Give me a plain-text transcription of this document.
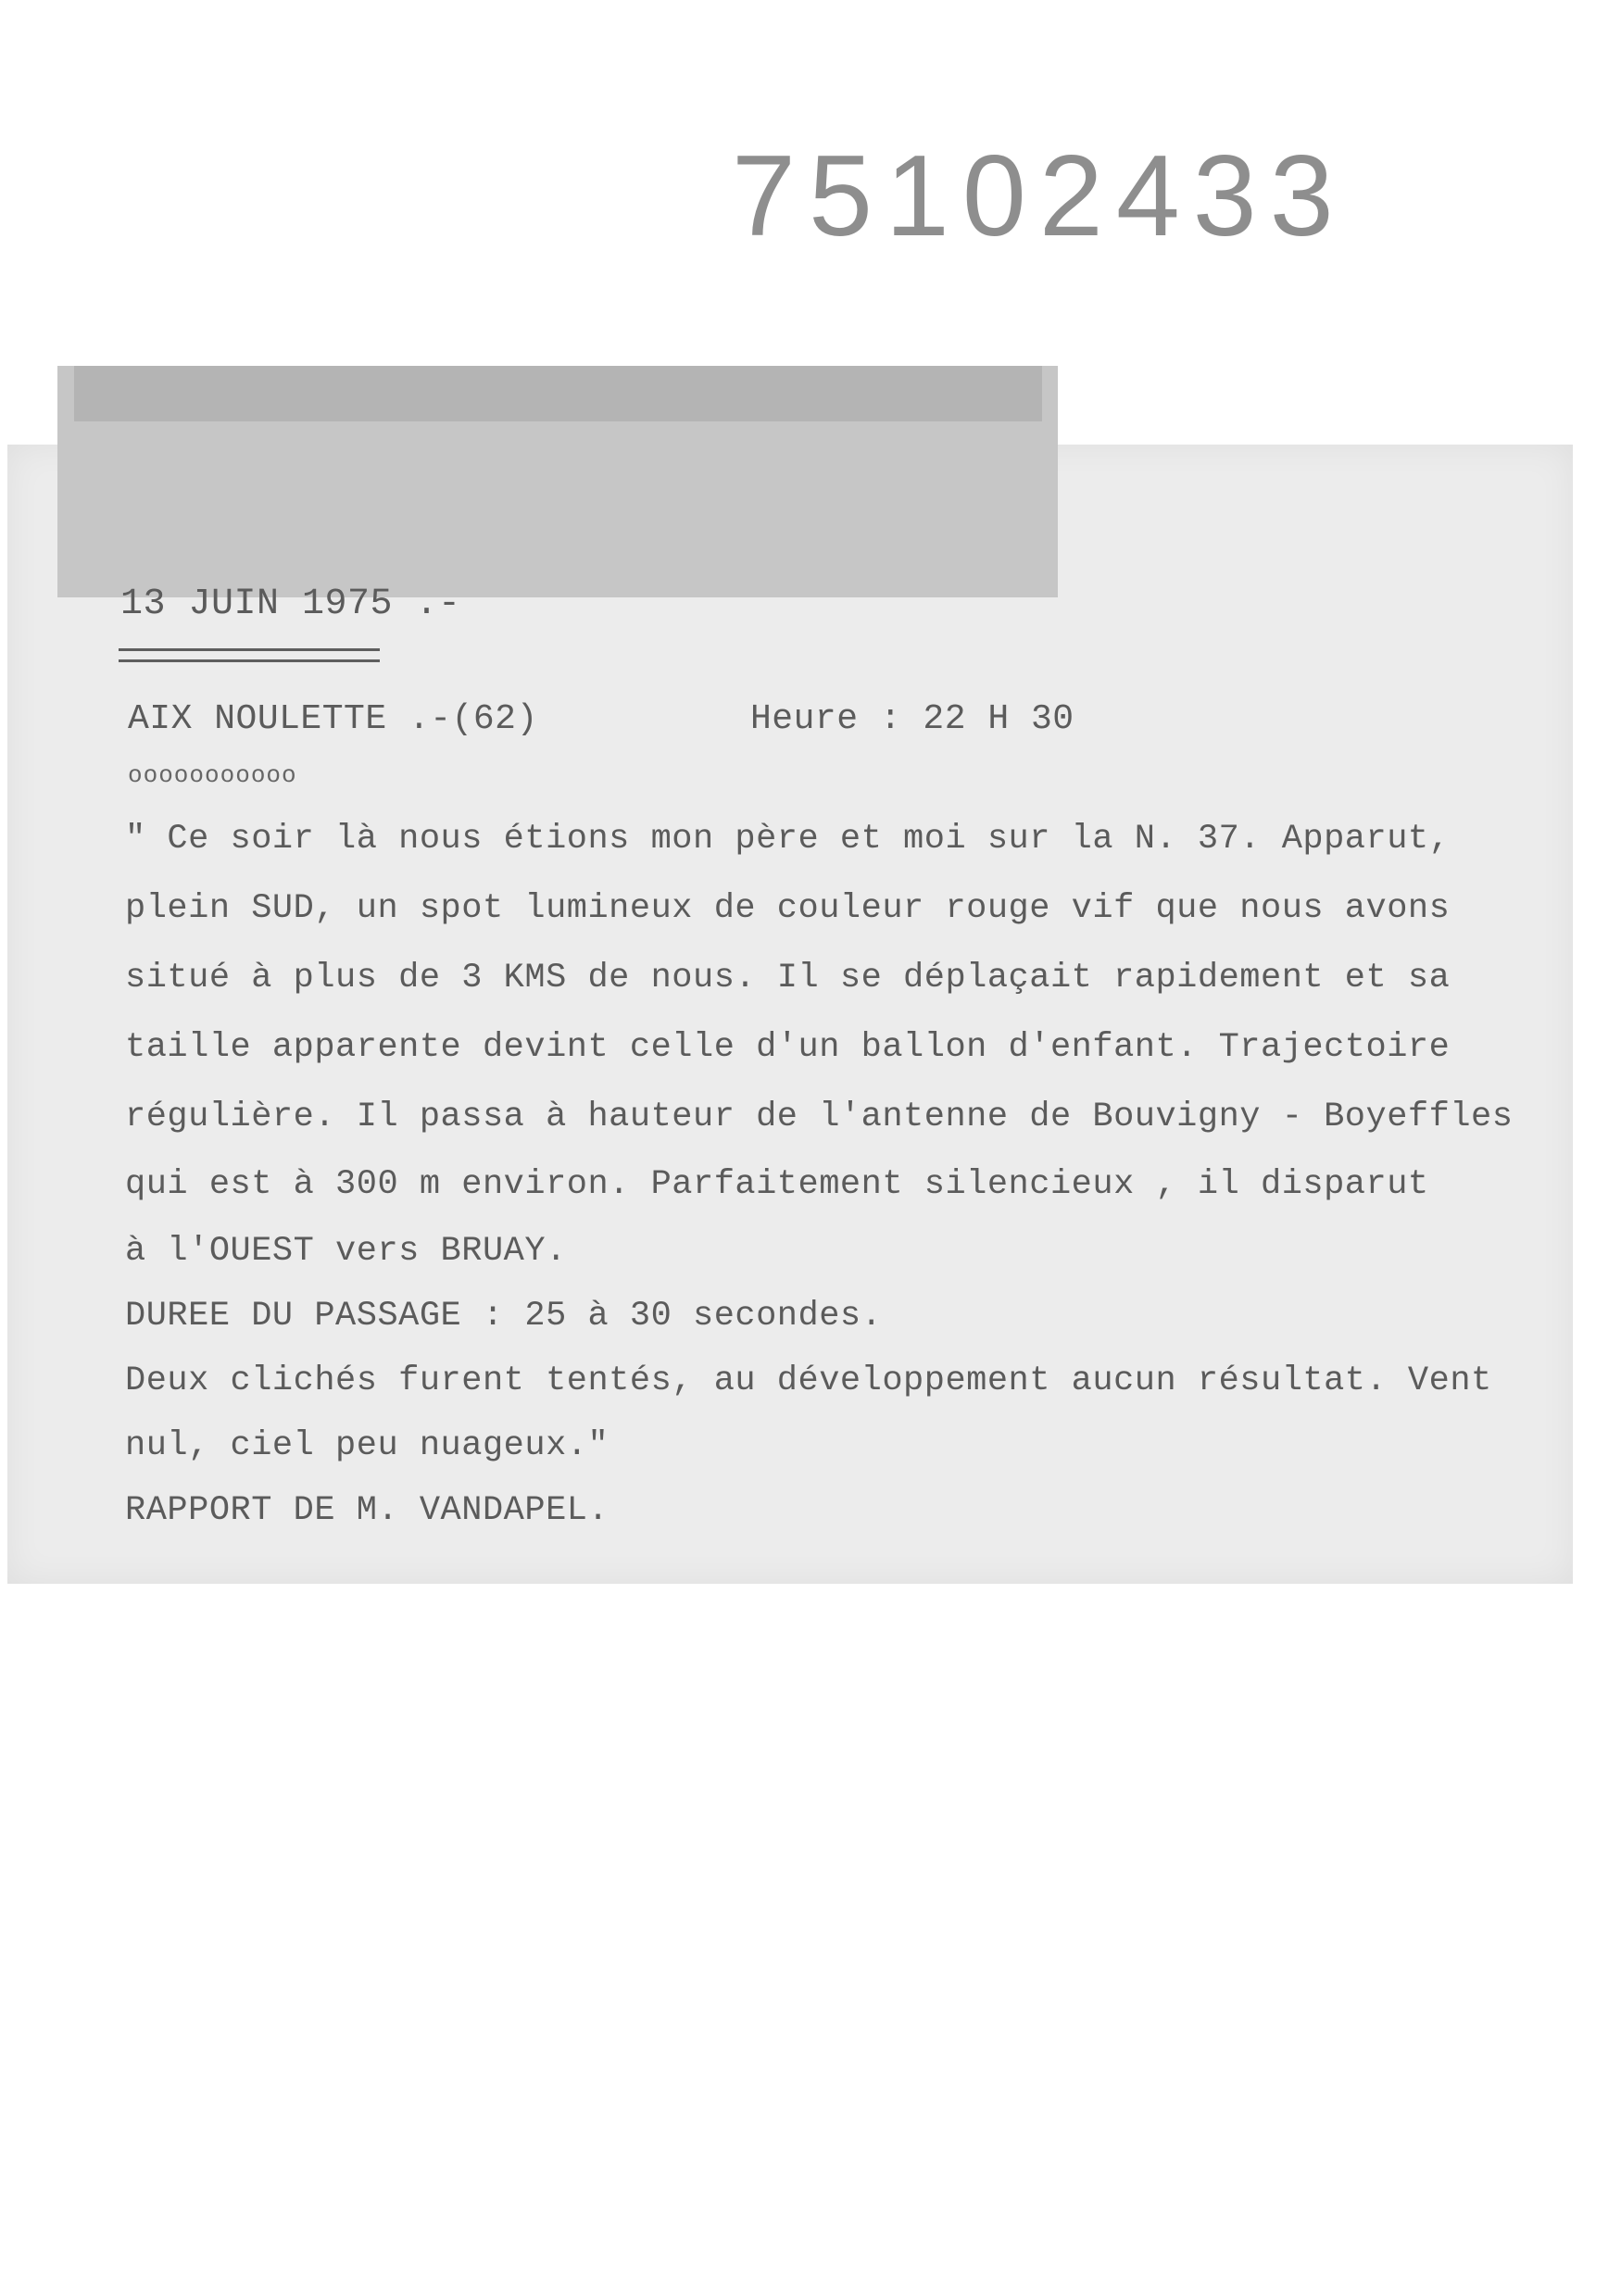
75102433
13 JUIN 1975 .-
AIX NOULETTE .-(62)	Heure : 22 H 30
ooooooooooo
" Ce soir là nous étions mon père et moi sur la N. 37. Apparut,
plein SUD, un spot lumineux de couleur rouge vif que nous avons
situé à plus de 3 KMS de nous. Il se déplaçait rapidement et sa
taille apparente devint celle d'un ballon d'enfant. Trajectoire
régulière. Il passa à hauteur de l'antenne de Bouvigny - Boyeffles
qui est à 300 m environ. Parfaitement silencieux , il disparut
à l'OUEST vers BRUAY.
DUREE DU PASSAGE : 25 à 30 secondes.
Deux clichés furent tentés, au développement aucun résultat. Vent
nul, ciel peu nuageux."
RAPPORT DE M. VANDAPEL.
